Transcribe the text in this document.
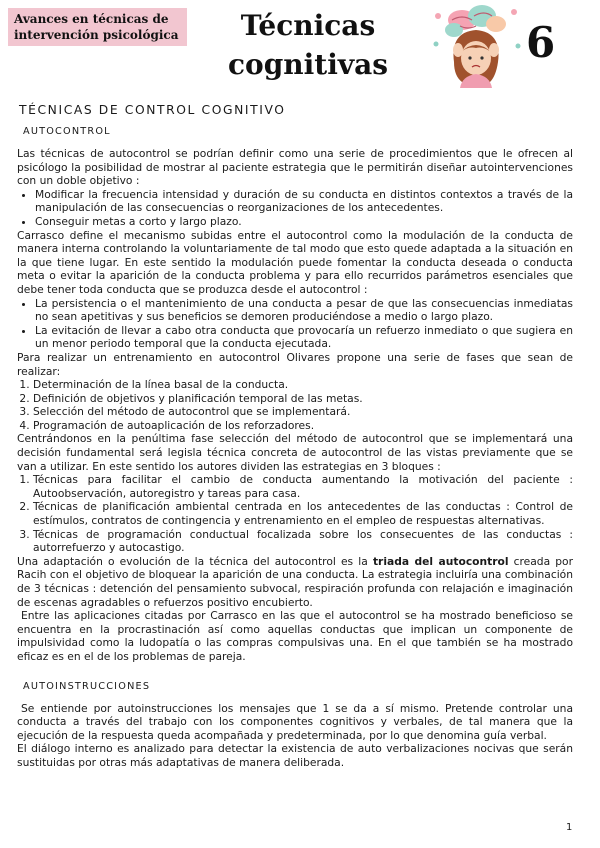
Avances en técnicas de intervención psicológica	Técnicas cognitivas	6
TÉCNICAS DE CONTROL COGNITIVO
AUTOCONTROL

Las técnicas de autocontrol se podrían definir como una serie de procedimientos que le ofrecen al psicólogo la posibilidad de mostrar al paciente estrategia que le permitirán diseñar autointervenciones con un doble objetivo :

• Modificar la frecuencia intensidad y duración de su conducta en distintos contextos a través de la manipulación de las consecuencias o reorganizaciones de los antecedentes.
• Conseguir metas a corto y largo plazo.

Carrasco define el mecanismo subidas entre el autocontrol como la modulación de la conducta de manera interna controlando la voluntariamente de tal modo que esto quede adaptada a la situación en la que tiene lugar. En este sentido la modulación puede fomentar la conducta deseada o conducta meta o evitar la aparición de la conducta problema y para ello recurridos parámetros esenciales que debe tener toda conducta que se produzca desde el autocontrol :

• La persistencia o el mantenimiento de una conducta a pesar de que las consecuencias inmediatas no sean apetitivas y sus beneficios se demoren produciéndose a medio o largo plazo.
• La evitación de llevar a cabo otra conducta que provocaría un refuerzo inmediato o que sugiera en un menor periodo temporal que la conducta ejecutada.

Para realizar un entrenamiento en autocontrol Olivares propone una serie de fases que sean de realizar:

1. Determinación de la línea basal de la conducta.
2. Definición de objetivos y planificación temporal de las metas.
3. Selección del método de autocontrol que se implementará.
4. Programación de autoaplicación de los reforzadores.

Centrándonos en la penúltima fase selección del método de autocontrol que se implementará una decisión fundamental será legisla técnica concreta de autocontrol de las vistas previamente que se van a utilizar. En este sentido los autores dividen las estrategias en 3 bloques :

1. Técnicas para facilitar el cambio de conducta aumentando la motivación del paciente : Autoobservación, autoregistro y tareas para casa.
2. Técnicas de planificación ambiental centrada en los antecedentes de las conductas : Control de estímulos, contratos de contingencia y entrenamiento en el empleo de respuestas alternativas.
3. Técnicas de programación conductual focalizada sobre los consecuentes de las conductas : autorrefuerzo y autocastigo.

Una adaptación o evolución de la técnica del autocontrol es la triada del autocontrol creada por Racih con el objetivo de bloquear la aparición de una conducta. La estrategia incluiría una combinación de 3 técnicas : detención del pensamiento subvocal, respiración profunda con relajación e imaginación de escenas agradables o refuerzos positivo encubierto.

Entre las aplicaciones citadas por Carrasco en las que el autocontrol se ha mostrado beneficioso se encuentra en la procrastinación así como aquellas conductas que implican un componente de impulsividad como la ludopatía o las compras compulsivas una. En el que también se ha mostrado eficaz es en el de los problemas de pareja.

AUTOINSTRUCCIONES

Se entiende por autoinstrucciones los mensajes que 1 se da a sí mismo. Pretende controlar una conducta a través del trabajo con los componentes cognitivos y verbales, de tal manera que la ejecución de la respuesta queda acompañada y predeterminada, por lo que denomina guía verbal.

El diálogo interno es analizado para detectar la existencia de auto verbalizaciones nocivas que serán sustituidas por otras más adaptativas de manera deliberada.

1
